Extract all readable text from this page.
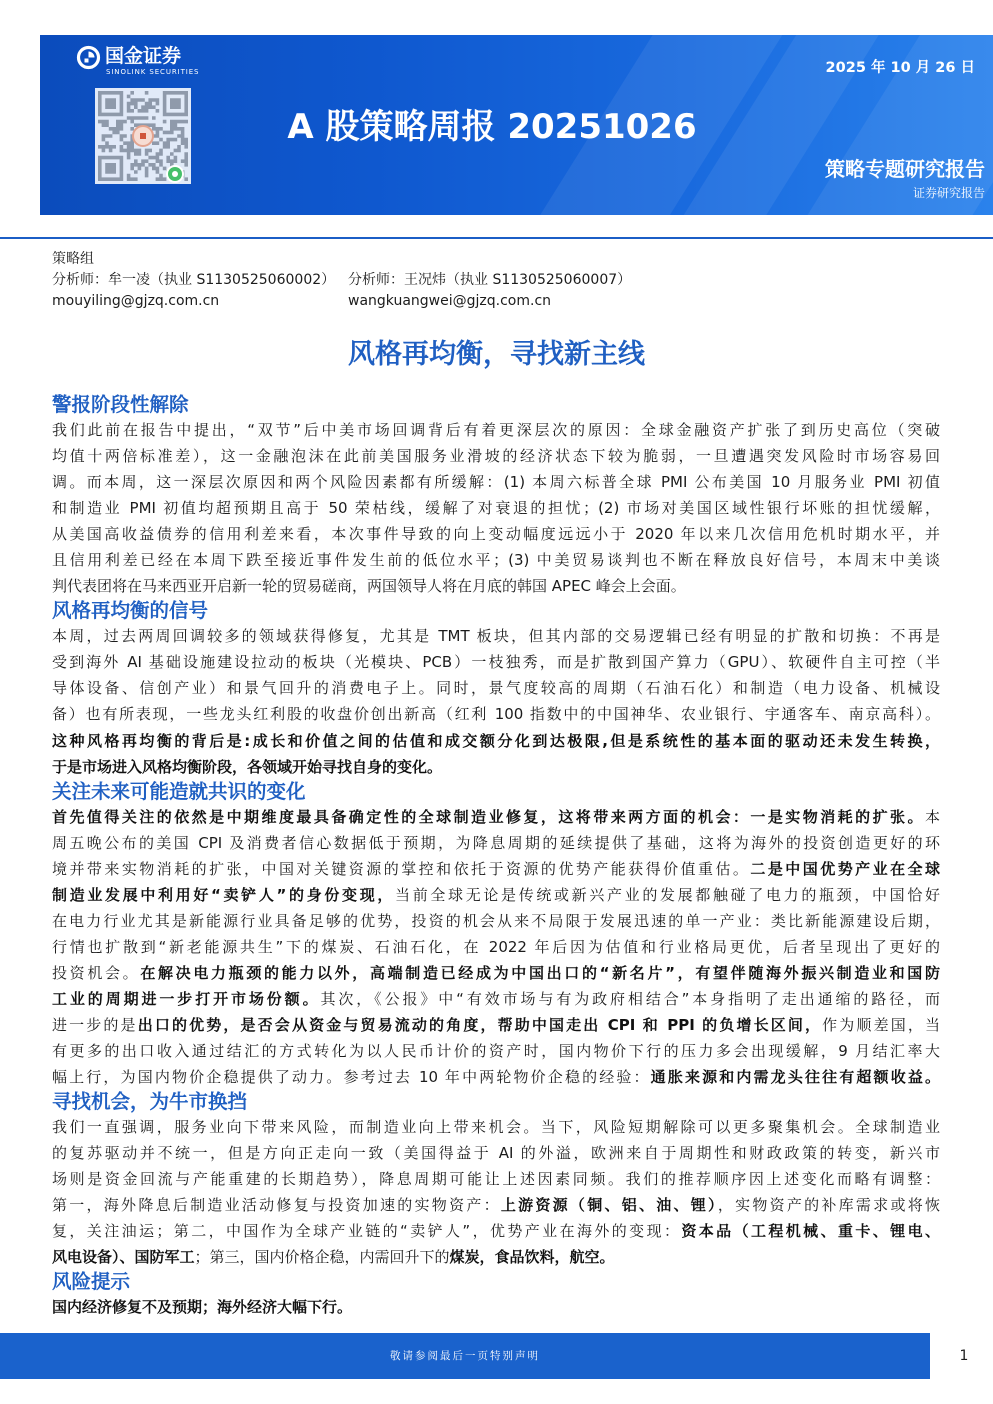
国金证券
SINOLINK SECURITIES
A 股策略周报 20251026
2025 年 10 月 26 日
策略专题研究报告
证券研究报告
策略组
分析师：牟一凌（执业 S1130525060002） 分析师：王况炜（执业 S1130525060007）
mouyiling@gjzq.com.cn	wangkuangwei@gjzq.com.cn
风格再均衡，寻找新主线
警报阶段性解除
我们此前在报告中提出，“双节”后中美市场回调背后有着更深层次的原因：全球金融资产扩张了到历史高位（突破
均值十两倍标准差），这一金融泡沫在此前美国服务业滑坡的经济状态下较为脆弱，一旦遭遇突发风险时市场容易回
调。而本周，这一深层次原因和两个风险因素都有所缓解：(1) 本周六标普全球 PMI 公布美国 10 月服务业 PMI 初值
和制造业 PMI 初值均超预期且高于 50 荣枯线，缓解了对衰退的担忧；(2) 市场对美国区域性银行坏账的担忧缓解，
从美国高收益债券的信用利差来看，本次事件导致的向上变动幅度远远小于 2020 年以来几次信用危机时期水平，并
且信用利差已经在本周下跌至接近事件发生前的低位水平；(3) 中美贸易谈判也不断在释放良好信号，本周末中美谈
判代表团将在马来西亚开启新一轮的贸易磋商，两国领导人将在月底的韩国 APEC 峰会上会面。
风格再均衡的信号
本周，过去两周回调较多的领域获得修复，尤其是 TMT 板块，但其内部的交易逻辑已经有明显的扩散和切换：不再是
受到海外 AI 基础设施建设拉动的板块（光模块、PCB）一枝独秀，而是扩散到国产算力（GPU）、软硬件自主可控（半
导体设备、信创产业）和景气回升的消费电子上。同时，景气度较高的周期（石油石化）和制造（电力设备、机械设
备）也有所表现，一些龙头红利股的收盘价创出新高（红利 100 指数中的中国神华、农业银行、宇通客车、南京高科）。
这种风格再均衡的背后是:成长和价值之间的估值和成交额分化到达极限,但是系统性的基本面的驱动还未发生转换，
于是市场进入风格均衡阶段，各领域开始寻找自身的变化。
关注未来可能造就共识的变化
首先值得关注的依然是中期维度最具备确定性的全球制造业修复，这将带来两方面的机会：一是实物消耗的扩张。本
周五晚公布的美国 CPI 及消费者信心数据低于预期，为降息周期的延续提供了基础，这将为海外的投资创造更好的环
境并带来实物消耗的扩张，中国对关键资源的掌控和依托于资源的优势产能获得价值重估。二是中国优势产业在全球
制造业发展中利用好“卖铲人”的身份变现，当前全球无论是传统或新兴产业的发展都触碰了电力的瓶颈，中国恰好
在电力行业尤其是新能源行业具备足够的优势，投资的机会从来不局限于发展迅速的单一产业：类比新能源建设后期，
行情也扩散到“新老能源共生”下的煤炭、石油石化，在 2022 年后因为估值和行业格局更优，后者呈现出了更好的
投资机会。在解决电力瓶颈的能力以外，高端制造已经成为中国出口的“新名片”，有望伴随海外振兴制造业和国防
工业的周期进一步打开市场份额。其次，《公报》中“有效市场与有为政府相结合”本身指明了走出通缩的路径，而
进一步的是出口的优势，是否会从资金与贸易流动的角度，帮助中国走出 CPI 和 PPI 的负增长区间，作为顺差国，当
有更多的出口收入通过结汇的方式转化为以人民币计价的资产时，国内物价下行的压力多会出现缓解，9 月结汇率大
幅上行，为国内物价企稳提供了动力。参考过去 10 年中两轮物价企稳的经验：通胀来源和内需龙头往往有超额收益。
寻找机会，为牛市换挡
我们一直强调，服务业向下带来风险，而制造业向上带来机会。当下，风险短期解除可以更多聚集机会。全球制造业
的复苏驱动并不统一，但是方向正走向一致（美国得益于 AI 的外溢，欧洲来自于周期性和财政政策的转变，新兴市
场则是资金回流与产能重建的长期趋势），降息周期可能让上述因素同频。我们的推荐顺序因上述变化而略有调整：
第一，海外降息后制造业活动修复与投资加速的实物资产：上游资源（铜、铝、油、锂），实物资产的补库需求或将恢
复，关注油运；第二，中国作为全球产业链的“卖铲人”，优势产业在海外的变现：资本品（工程机械、重卡、锂电、
风电设备）、国防军工；第三，国内价格企稳，内需回升下的煤炭，食品饮料，航空。
风险提示
国内经济修复不及预期；海外经济大幅下行。
敬请参阅最后一页特别声明	1
